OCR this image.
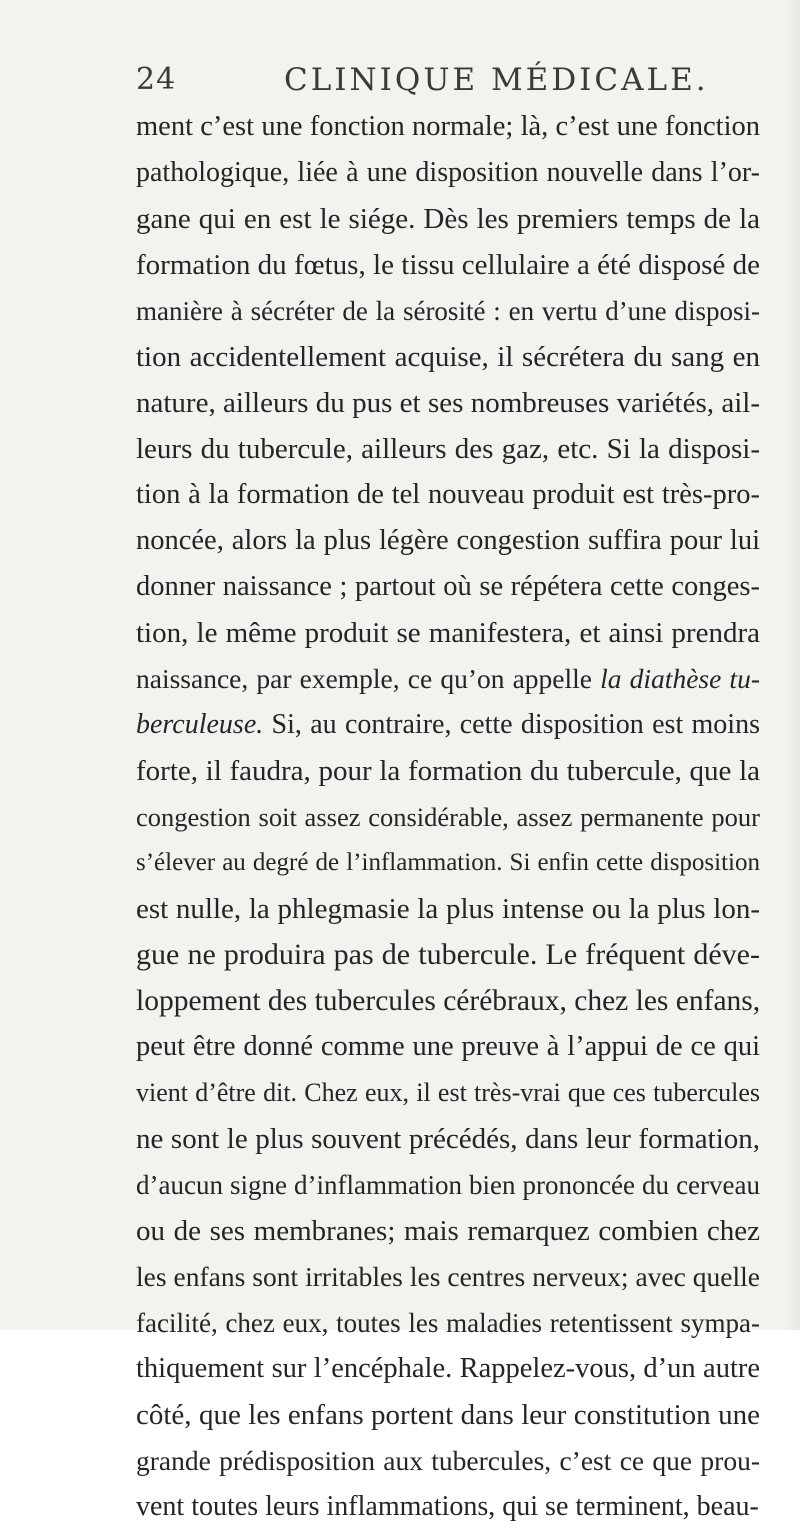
24	CLINIQUE MÉDICALE.
ment c’est une fonction normale; là, c’est une fonction
pathologique, liée à une disposition nouvelle dans l’or-
gane qui en est le siége. Dès les premiers temps de la
formation du fœtus, le tissu cellulaire a été disposé de
manière à sécréter de la sérosité : en vertu d’une disposi-
tion accidentellement acquise, il sécrétera du sang en
nature, ailleurs du pus et ses nombreuses variétés, ail-
leurs du tubercule, ailleurs des gaz, etc. Si la disposi-
tion à la formation de tel nouveau produit est très-pro-
noncée, alors la plus légère congestion suffira pour lui
donner naissance ; partout où se répétera cette conges-
tion, le même produit se manifestera, et ainsi prendra
naissance, par exemple, ce qu’on appelle la diathèse tu-
berculeuse. Si, au contraire, cette disposition est moins
forte, il faudra, pour la formation du tubercule, que la
congestion soit assez considérable, assez permanente pour
s’élever au degré de l’inflammation. Si enfin cette disposition
est nulle, la phlegmasie la plus intense ou la plus lon-
gue ne produira pas de tubercule. Le fréquent déve-
loppement des tubercules cérébraux, chez les enfans,
peut être donné comme une preuve à l’appui de ce qui
vient d’être dit. Chez eux, il est très-vrai que ces tubercules
ne sont le plus souvent précédés, dans leur formation,
d’aucun signe d’inflammation bien prononcée du cerveau
ou de ses membranes; mais remarquez combien chez
les enfans sont irritables les centres nerveux; avec quelle
facilité, chez eux, toutes les maladies retentissent sympa-
thiquement sur l’encéphale. Rappelez-vous, d’un autre
côté, que les enfans portent dans leur constitution une
grande prédisposition aux tubercules, c’est ce que prou-
vent toutes leurs inflammations, qui se terminent, beau-
